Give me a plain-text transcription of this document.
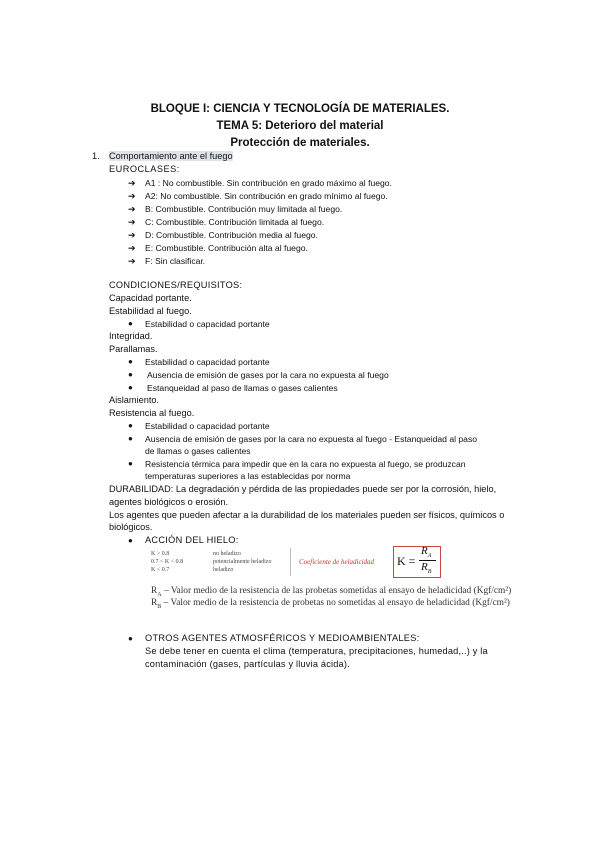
BLOQUE I: CIENCIA Y TECNOLOGÍA DE MATERIALES.
TEMA 5: Deterioro del material
Protección de materiales.
1. Comportamiento ante el fuego
EUROCLASES:
➔ A1 : No combustible. Sin contribución en grado máximo al fuego.
➔ A2: No combustible. Sin contribución en grado mínimo al fuego.
➔ B: Combustible. Contribución muy limitada al fuego.
➔ C: Combustible. Contribución limitada al fuego.
➔ D: Combustible. Contribución media al fuego.
➔ E: Combustible. Contribución alta al fuego.
➔ F: Sin clasificar.
CONDICIONES/REQUISITOS:
Capacidad portante.
Estabilidad al fuego.
● Estabilidad o capacidad portante
Integridad.
Parallamas.
● Estabilidad o capacidad portante
● Ausencia de emisión de gases por la cara no expuesta al fuego
● Estanqueidad al paso de llamas o gases calientes
Aislamiento.
Resistencia al fuego.
● Estabilidad o capacidad portante
● Ausencia de emisión de gases por la cara no expuesta al fuego - Estanqueidad al paso
de llamas o gases calientes
● Resistencia térmica para impedir que en la cara no expuesta al fuego, se produzcan
temperaturas superiores a las establecidas por norma
DURABILIDAD: La degradación y pérdida de las propiedades puede ser por la corrosión, hielo,
agentes biológicos o erosión.
Los agentes que pueden afectar a la durabilidad de los materiales pueden ser físicos, químicos o
biológicos.
● ACCIÓN DEL HIELO:
K > 0.8	no heladizo
0.7 < K < 0.8	potencialmente heladizo
K < 0.7	heladizo
Coeficiente de heladicidad K =
$R_A$
$R_B$
$R_A$ – Valor medio de la resistencia de las probetas sometidas al ensayo de heladicidad (Kgf/cm²)
$R_B$ – Valor medio de la resistencia de probetas no sometidas al ensayo de heladicidad (Kgf/cm²)
● OTROS AGENTES ATMOSFÉRICOS Y MEDIOAMBIENTALES:
Se debe tener en cuenta el clima (temperatura, precipitaciones, humedad,..) y la
contaminación (gases, partículas y lluvia ácida).
